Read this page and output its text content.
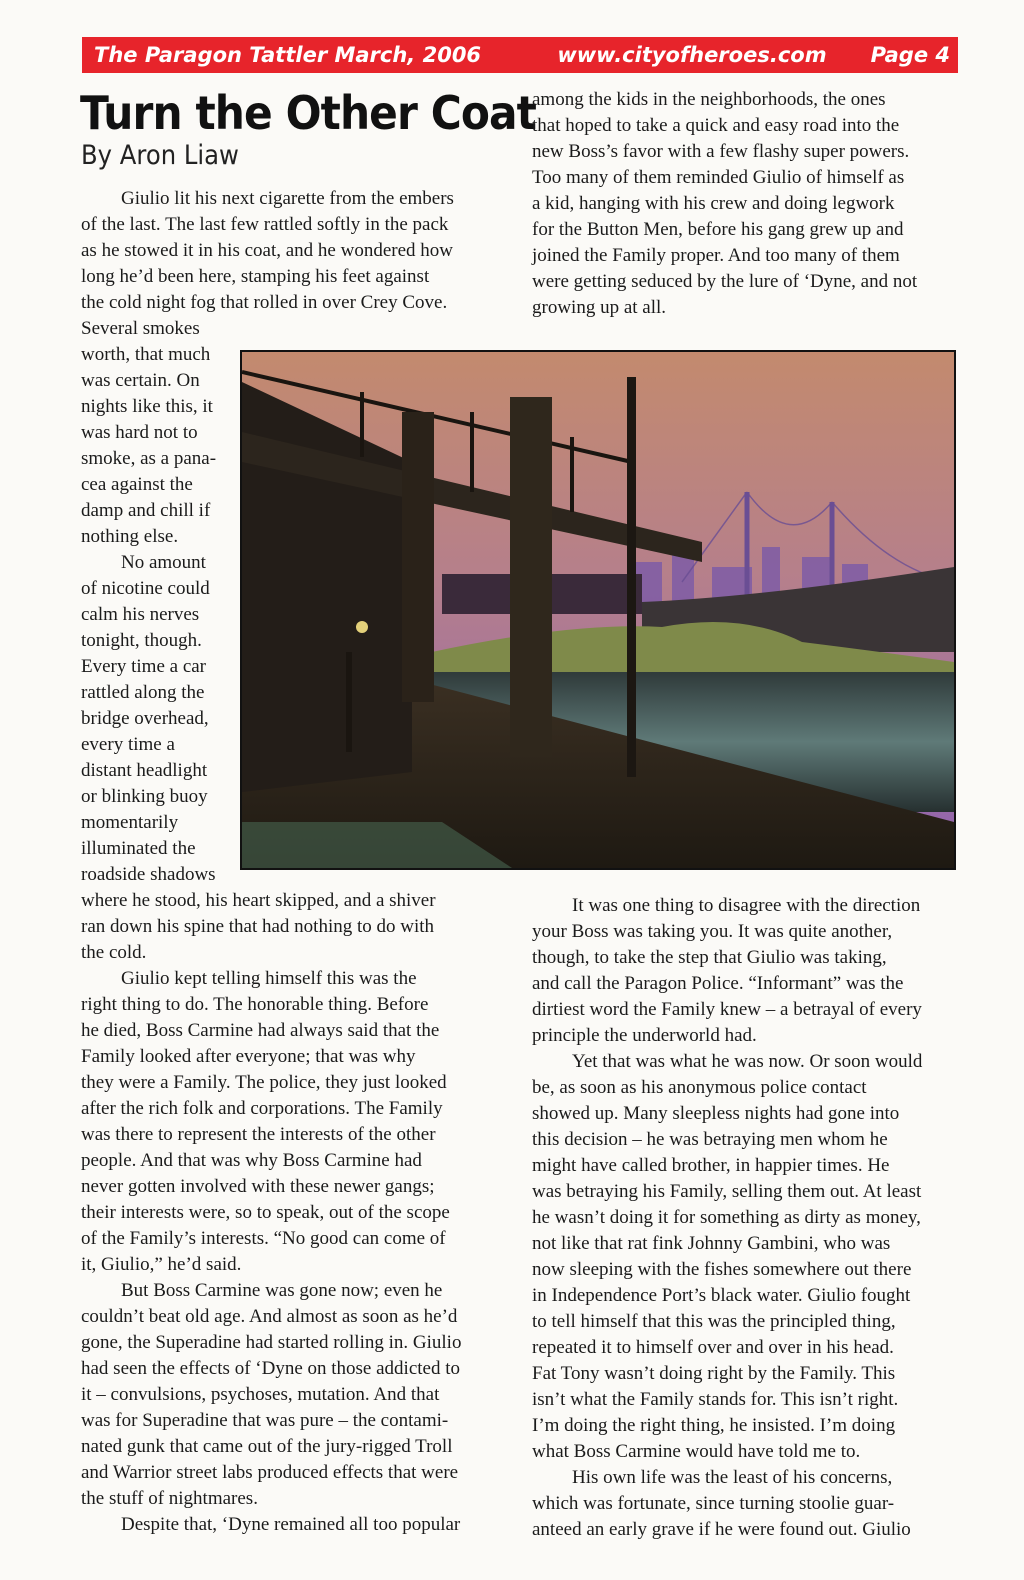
The Paragon Tattler March, 2006	www.cityofheroes.com	Page 4
Turn the Other Coat
By Aron Liaw
Giulio lit his next cigarette from the embers
of the last. The last few rattled softly in the pack
as he stowed it in his coat, and he wondered how
long he’d been here, stamping his feet against
the cold night fog that rolled in over Crey Cove.
Several smokes
worth, that much
was certain. On
nights like this, it
was hard not to
smoke, as a pana-
cea against the
damp and chill if
nothing else.
No amount
of nicotine could
calm his nerves
tonight, though.
Every time a car
rattled along the
bridge overhead,
every time a
distant headlight
or blinking buoy
momentarily
illuminated the
roadside shadows
where he stood, his heart skipped, and a shiver
ran down his spine that had nothing to do with
the cold.
Giulio kept telling himself this was the
right thing to do. The honorable thing. Before
he died, Boss Carmine had always said that the
Family looked after everyone; that was why
they were a Family. The police, they just looked
after the rich folk and corporations. The Family
was there to represent the interests of the other
people. And that was why Boss Carmine had
never gotten involved with these newer gangs;
their interests were, so to speak, out of the scope
of the Family’s interests. “No good can come of
it, Giulio,” he’d said.
But Boss Carmine was gone now; even he
couldn’t beat old age. And almost as soon as he’d
gone, the Superadine had started rolling in. Giulio
had seen the effects of ‘Dyne on those addicted to
it – convulsions, psychoses, mutation. And that
was for Superadine that was pure – the contami-
nated gunk that came out of the jury-rigged Troll
and Warrior street labs produced effects that were
the stuff of nightmares.
Despite that, ‘Dyne remained all too popular
among the kids in the neighborhoods, the ones
that hoped to take a quick and easy road into the
new Boss’s favor with a few flashy super powers.
Too many of them reminded Giulio of himself as
a kid, hanging with his crew and doing legwork
for the Button Men, before his gang grew up and
joined the Family proper. And too many of them
were getting seduced by the lure of ‘Dyne, and not
growing up at all.
It was one thing to disagree with the direction
your Boss was taking you. It was quite another,
though, to take the step that Giulio was taking,
and call the Paragon Police. “Informant” was the
dirtiest word the Family knew – a betrayal of every
principle the underworld had.
Yet that was what he was now. Or soon would
be, as soon as his anonymous police contact
showed up. Many sleepless nights had gone into
this decision – he was betraying men whom he
might have called brother, in happier times. He
was betraying his Family, selling them out. At least
he wasn’t doing it for something as dirty as money,
not like that rat fink Johnny Gambini, who was
now sleeping with the fishes somewhere out there
in Independence Port’s black water. Giulio fought
to tell himself that this was the principled thing,
repeated it to himself over and over in his head.
Fat Tony wasn’t doing right by the Family. This
isn’t what the Family stands for. This isn’t right.
I’m doing the right thing, he insisted. I’m doing
what Boss Carmine would have told me to.
His own life was the least of his concerns,
which was fortunate, since turning stoolie guar-
anteed an early grave if he were found out. Giulio
